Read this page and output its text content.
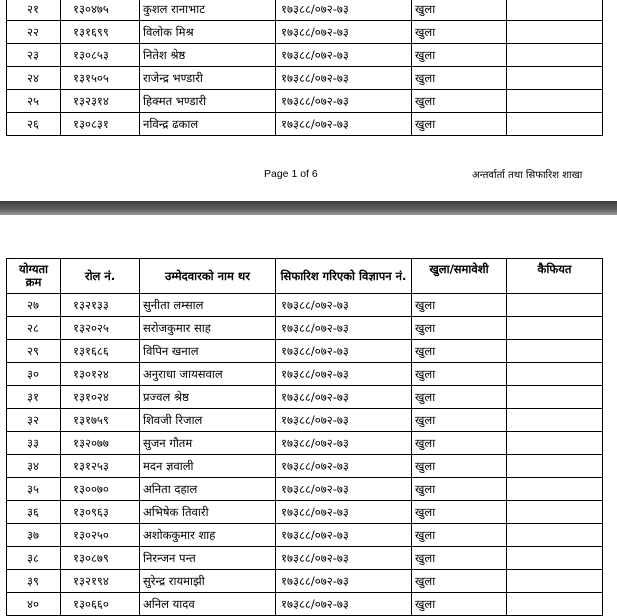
२१	१३०४७५	कुशल रानाभाट	१७३८८/०७२-७३	खुला	
२२	१३१६९९	विलोक मिश्र	१७३८८/०७२-७३	खुला	
२३	१३०८५३	नितेश श्रेष्ठ	१७३८८/०७२-७३	खुला	
२४	१३१५०५	राजेन्द्र भण्डारी	१७३८८/०७२-७३	खुला	
२५	१३२३१४	हिक्मत भण्डारी	१७३८८/०७२-७३	खुला	
२६	१३०८३१	नविन्द्र ढकाल	१७३८८/०७२-७३	खुला	
Page 1 of 6	अन्तर्वार्ता तथा सिफारिश शाखा
योग्यता क्रम	रोल नं.	उम्मेदवारको नाम थर	सिफारिश गरिएको विज्ञापन नं.	खुला/समावेशी	कैफियत
२७	१३२१३३	सुनीता लम्साल	१७३८८/०७२-७३	खुला	
२८	१३२०२५	सरोजकुमार साह	१७३८८/०७२-७३	खुला	
२९	१३१६८६	विपिन खनाल	१७३८८/०७२-७३	खुला	
३०	१३०१२४	अनुराधा जायसवाल	१७३८८/०७२-७३	खुला	
३१	१३१०२४	प्रज्वल श्रेष्ठ	१७३८८/०७२-७३	खुला	
३२	१३१७५९	शिवजी रिजाल	१७३८८/०७२-७३	खुला	
३३	१३२०७७	सुजन गौतम	१७३८८/०७२-७३	खुला	
३४	१३१२५३	मदन ज्ञवाली	१७३८८/०७२-७३	खुला	
३५	१३००७०	अनिता दहाल	१७३८८/०७२-७३	खुला	
३६	१३०९६३	अभिषेक तिवारी	१७३८८/०७२-७३	खुला	
३७	१३०२५०	अशोककुमार शाह	१७३८८/०७२-७३	खुला	
३८	१३०८७९	निरन्जन पन्त	१७३८८/०७२-७३	खुला	
३९	१३२१९४	सुरेन्द्र रायमाझी	१७३८८/०७२-७३	खुला	
४०	१३०६६०	अनिल यादव	१७३८८/०७२-७३	खुला	
